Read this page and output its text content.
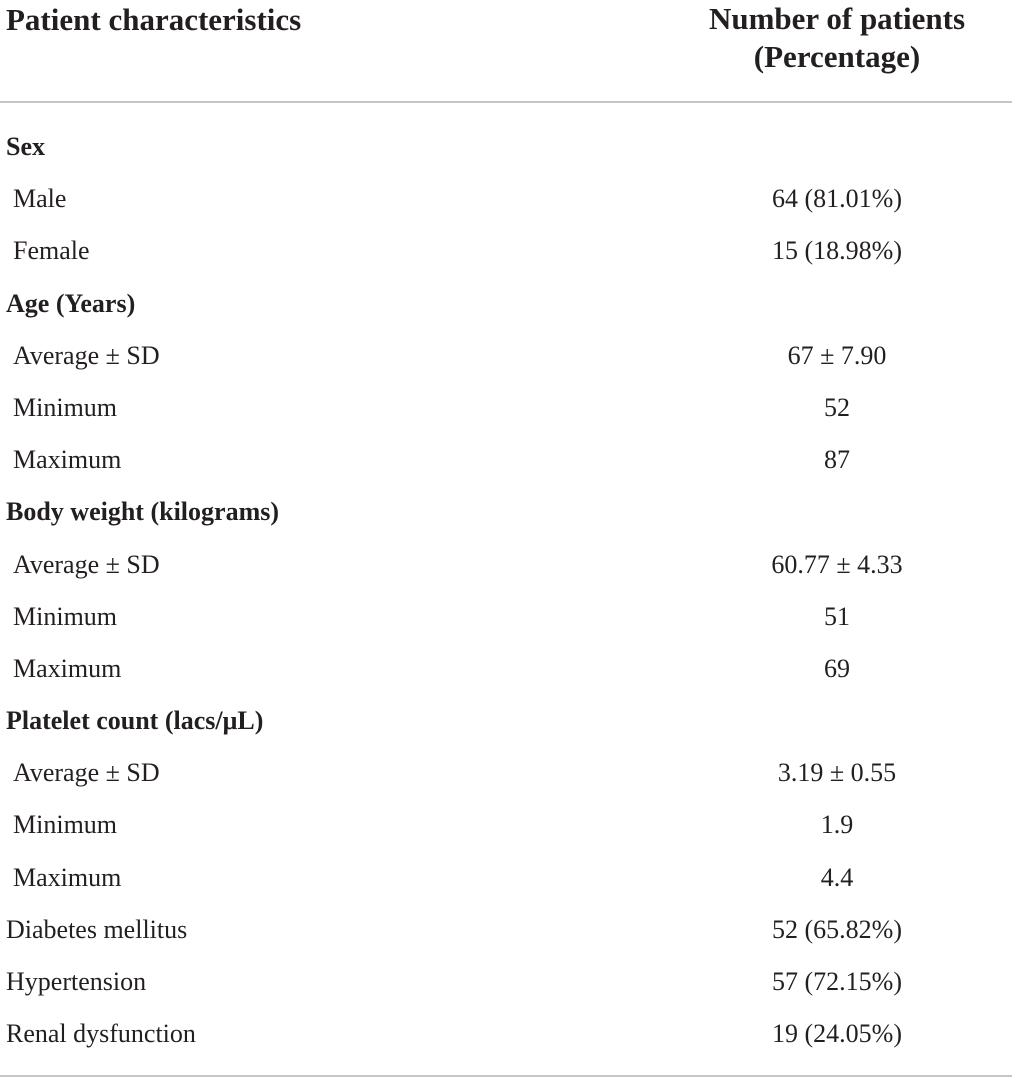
Patient characteristics	Number of patients
(Percentage)
Sex
Male	64 (81.01%)
Female	15 (18.98%)
Age (Years)
Average ± SD	67 ± 7.90
Minimum	52
Maximum	87
Body weight (kilograms)
Average ± SD	60.77 ± 4.33
Minimum	51
Maximum	69
Platelet count (lacs/μL)
Average ± SD	3.19 ± 0.55
Minimum	1.9
Maximum	4.4
Diabetes mellitus	52 (65.82%)
Hypertension	57 (72.15%)
Renal dysfunction	19 (24.05%)
